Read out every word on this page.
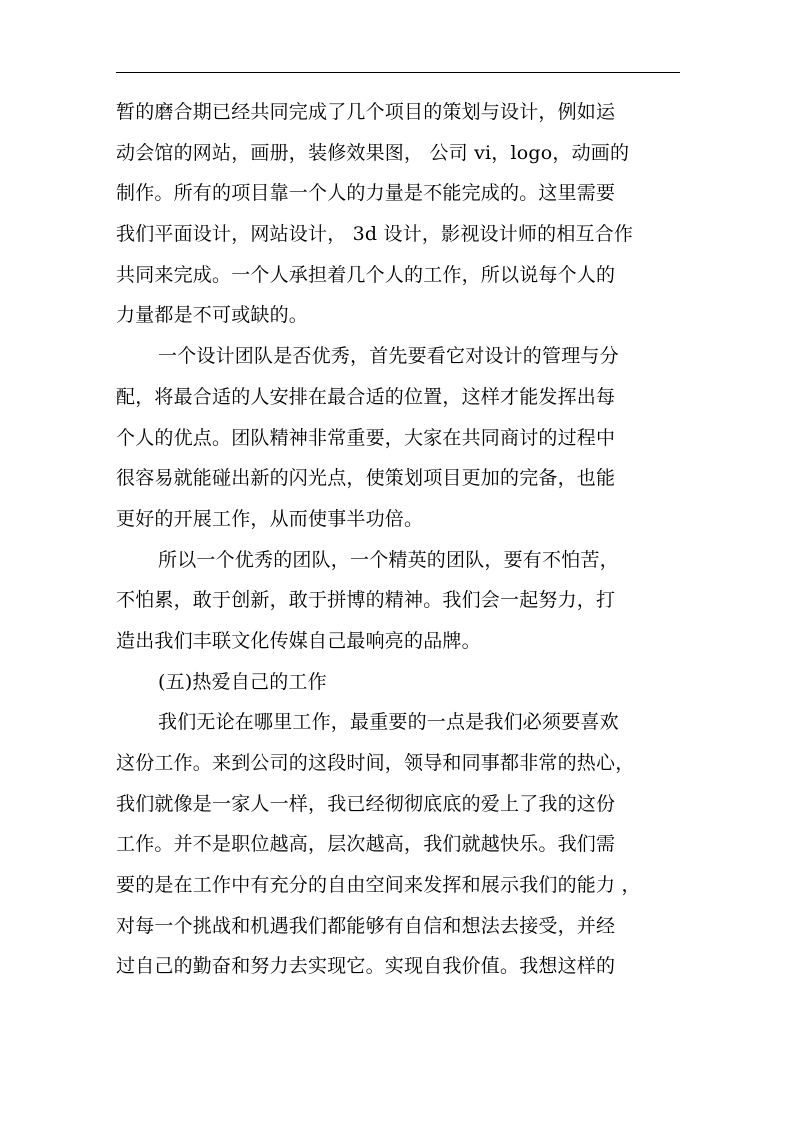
暂的磨合期已经共同完成了几个项目的策划与设计，例如运
动会馆的网站，画册，装修效果图， 公司 vi，logo，动画的
制作。所有的项目靠一个人的力量是不能完成的。这里需要
我们平面设计，网站设计， 3d 设计，影视设计师的相互合作
共同来完成。一个人承担着几个人的工作，所以说每个人的
力量都是不可或缺的。
一个设计团队是否优秀，首先要看它对设计的管理与分
配，将最合适的人安排在最合适的位置，这样才能发挥出每
个人的优点。团队精神非常重要，大家在共同商讨的过程中
很容易就能碰出新的闪光点，使策划项目更加的完备，也能
更好的开展工作，从而使事半功倍。
所以一个优秀的团队，一个精英的团队，要有不怕苦，
不怕累，敢于创新，敢于拼博的精神。我们会一起努力，打
造出我们丰联文化传媒自己最响亮的品牌。
(五)热爱自己的工作
我们无论在哪里工作，最重要的一点是我们必须要喜欢
这份工作。来到公司的这段时间，领导和同事都非常的热心，
我们就像是一家人一样，我已经彻彻底底的爱上了我的这份
工作。并不是职位越高，层次越高，我们就越快乐。我们需
要的是在工作中有充分的自由空间来发挥和展示我们的能力 ，
对每一个挑战和机遇我们都能够有自信和想法去接受，并经
过自己的勤奋和努力去实现它。实现自我价值。我想这样的
